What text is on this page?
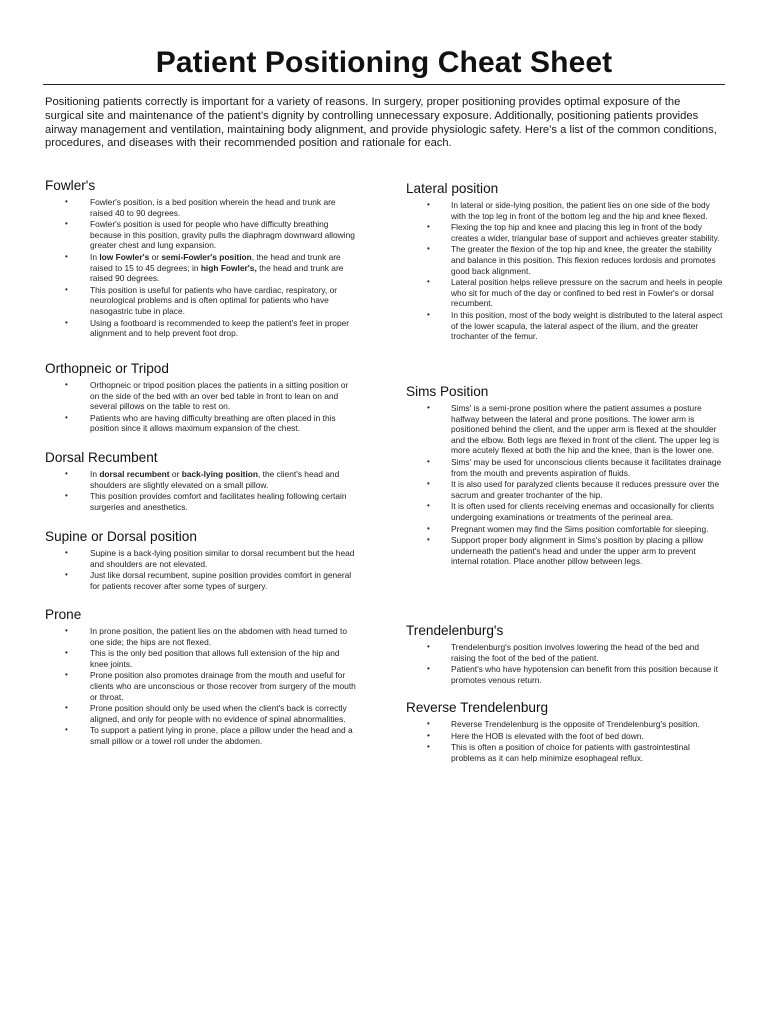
Patient Positioning Cheat Sheet

Positioning patients correctly is important for a variety of reasons. In surgery, proper positioning provides optimal exposure of the surgical site and maintenance of the patient’s dignity by controlling unnecessary exposure. Additionally, positioning patients provides airway management and ventilation, maintaining body alignment, and provide physiologic safety. Here’s a list of the common conditions, procedures, and diseases with their recommended position and rationale for each.

Fowler's
• Fowler's position, is a bed position wherein the head and trunk are raised 40 to 90 degrees.
• Fowler's position is used for people who have difficulty breathing because in this position, gravity pulls the diaphragm downward allowing greater chest and lung expansion.
• In low Fowler's or semi-Fowler's position, the head and trunk are raised to 15 to 45 degrees; in high Fowler's, the head and trunk are raised 90 degrees.
• This position is useful for patients who have cardiac, respiratory, or neurological problems and is often optimal for patients who have nasogastric tube in place.
• Using a footboard is recommended to keep the patient's feet in proper alignment and to help prevent foot drop.
Orthopneic or Tripod
• Orthopneic or tripod position places the patients in a sitting position or on the side of the bed with an over bed table in front to lean on and several pillows on the table to rest on.
• Patients who are having difficulty breathing are often placed in this position since it allows maximum expansion of the chest.
Dorsal Recumbent
• In dorsal recumbent or back-lying position, the client's head and shoulders are slightly elevated on a small pillow.
• This position provides comfort and facilitates healing following certain surgeries and anesthetics.
Supine or Dorsal position
• Supine is a back-lying position similar to dorsal recumbent but the head and shoulders are not elevated.
• Just like dorsal recumbent, supine position provides comfort in general for patients recover after some types of surgery.
Prone
• In prone position, the patient lies on the abdomen with head turned to one side; the hips are not flexed.
• This is the only bed position that allows full extension of the hip and knee joints.
• Prone position also promotes drainage from the mouth and useful for clients who are unconscious or those recover from surgery of the mouth or throat.
• Prone position should only be used when the client's back is correctly aligned, and only for people with no evidence of spinal abnormalities.
• To support a patient lying in prone, place a pillow under the head and a small pillow or a towel roll under the abdomen.
Lateral position
• In lateral or side-lying position, the patient lies on one side of the body with the top leg in front of the bottom leg and the hip and knee flexed.
• Flexing the top hip and knee and placing this leg in front of the body creates a wider, triangular base of support and achieves greater stability.
• The greater the flexion of the top hip and knee, the greater the stability and balance in this position. This flexion reduces lordosis and promotes good back alignment.
• Lateral position helps relieve pressure on the sacrum and heels in people who sit for much of the day or confined to bed rest in Fowler's or dorsal recumbent.
• In this position, most of the body weight is distributed to the lateral aspect of the lower scapula, the lateral aspect of the ilium, and the greater trochanter of the femur.
Sims Position
• Sims' is a semi-prone position where the patient assumes a posture halfway between the lateral and prone positions. The lower arm is positioned behind the client, and the upper arm is flexed at the shoulder and the elbow. Both legs are flexed in front of the client. The upper leg is more acutely flexed at both the hip and the knee, than is the lower one.
• Sims' may be used for unconscious clients because it facilitates drainage from the mouth and prevents aspiration of fluids.
• It is also used for paralyzed clients because it reduces pressure over the sacrum and greater trochanter of the hip.
• It is often used for clients receiving enemas and occasionally for clients undergoing examinations or treatments of the perineal area.
• Pregnant women may find the Sims position comfortable for sleeping.
• Support proper body alignment in Sims's position by placing a pillow underneath the patient's head and under the upper arm to prevent internal rotation. Place another pillow between legs.
Trendelenburg's
• Trendelenburg's position involves lowering the head of the bed and raising the foot of the bed of the patient.
• Patient's who have hypotension can benefit from this position because it promotes venous return.
Reverse Trendelenburg
• Reverse Trendelenburg is the opposite of Trendelenburg's position.
• Here the HOB is elevated with the foot of bed down.
• This is often a position of choice for patients with gastrointestinal problems as it can help minimize esophageal reflux.
